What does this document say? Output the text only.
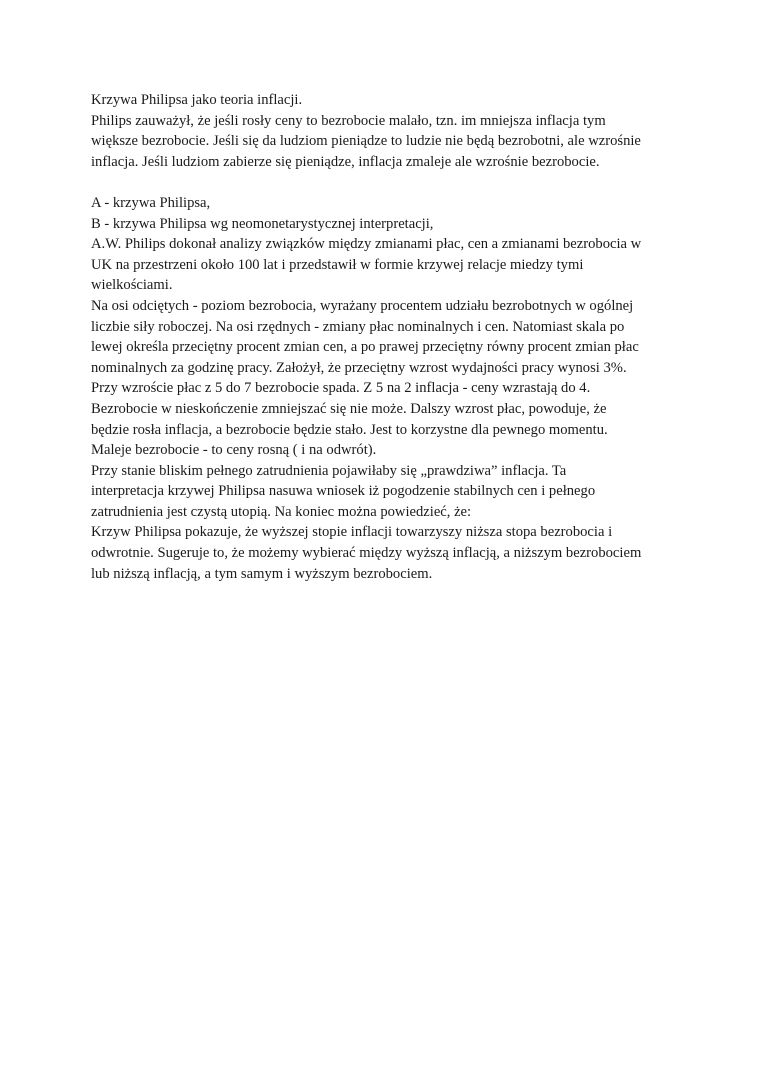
Krzywa Philipsa jako teoria inflacji.
Philips zauważył, że jeśli rosły ceny to bezrobocie malało, tzn. im mniejsza inflacja tym
większe bezrobocie. Jeśli się da ludziom pieniądze to ludzie nie będą bezrobotni, ale wzrośnie
inflacja. Jeśli ludziom zabierze się pieniądze, inflacja zmaleje ale wzrośnie bezrobocie.
A - krzywa Philipsa,
B - krzywa Philipsa wg neomonetarystycznej interpretacji,
A.W. Philips dokonał analizy związków między zmianami płac, cen a zmianami bezrobocia w
UK na przestrzeni około 100 lat i przedstawił w formie krzywej relacje miedzy tymi
wielkościami.
Na osi odciętych - poziom bezrobocia, wyrażany procentem udziału bezrobotnych w ogólnej
liczbie siły roboczej. Na osi rzędnych - zmiany płac nominalnych i cen. Natomiast skala po
lewej określa przeciętny procent zmian cen, a po prawej przeciętny równy procent zmian płac
nominalnych za godzinę pracy. Założył, że przeciętny wzrost wydajności pracy wynosi 3%.
Przy wzroście płac z 5 do 7 bezrobocie spada. Z 5 na 2 inflacja - ceny wzrastają do 4.
Bezrobocie w nieskończenie zmniejszać się nie może. Dalszy wzrost płac, powoduje, że
będzie rosła inflacja, a bezrobocie będzie stało. Jest to korzystne dla pewnego momentu.
Maleje bezrobocie - to ceny rosną ( i na odwrót).
Przy stanie bliskim pełnego zatrudnienia pojawiłaby się „prawdziwa” inflacja. Ta
interpretacja krzywej Philipsa nasuwa wniosek iż pogodzenie stabilnych cen i pełnego
zatrudnienia jest czystą utopią. Na koniec można powiedzieć, że:
Krzyw Philipsa pokazuje, że wyższej stopie inflacji towarzyszy niższa stopa bezrobocia i
odwrotnie. Sugeruje to, że możemy wybierać między wyższą inflacją, a niższym bezrobociem
lub niższą inflacją, a tym samym i wyższym bezrobociem.
